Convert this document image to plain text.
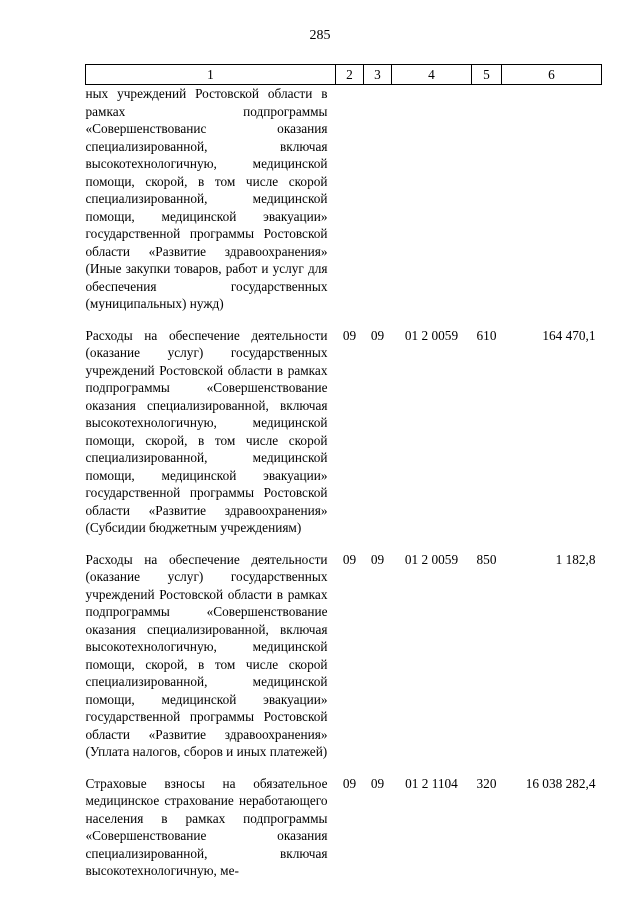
285
1	2	3	4	5	6
ных учреждений Ростовской области в рамках подпрограммы «Совершенствованис оказания специализированной, включая высокотехнологичную, медицинской помощи, скорой, в том числе скорой специализированной, медицинской помощи, медицинской эвакуации» государственной программы Ростовской области «Развитие здравоохранения» (Иные закупки товаров, работ и услуг для обеспечения государственных (муниципальных) нужд)					
Расходы на обеспечение деятельности (оказание услуг) государственных учреждений Ростовской области в рамках подпрограммы «Совершенствование оказания специализированной, включая высокотехнологичную, медицинской помощи, скорой, в том числе скорой специализированной, медицинской помощи, медицинской эвакуации» государственной программы Ростовской области «Развитие здравоохранения» (Субсидии бюджетным учреждениям)	09	09	01 2 0059	610	164 470,1
Расходы на обеспечение деятельности (оказание услуг) государственных учреждений Ростовской области в рамках подпрограммы «Совершенствование оказания специализированной, включая высокотехнологичную, медицинской помощи, скорой, в том числе скорой специализированной, медицинской помощи, медицинской эвакуации» государственной программы Ростовской области «Развитие здравоохранения» (Уплата налогов, сборов и иных платежей)	09	09	01 2 0059	850	1 182,8
Страховые взносы на обязательное медицинское страхование неработающего населения в рамках подпрограммы «Совершенствование оказания специализированной, включая высокотехнологичную, ме-	09	09	01 2 1104	320	16 038 282,4
